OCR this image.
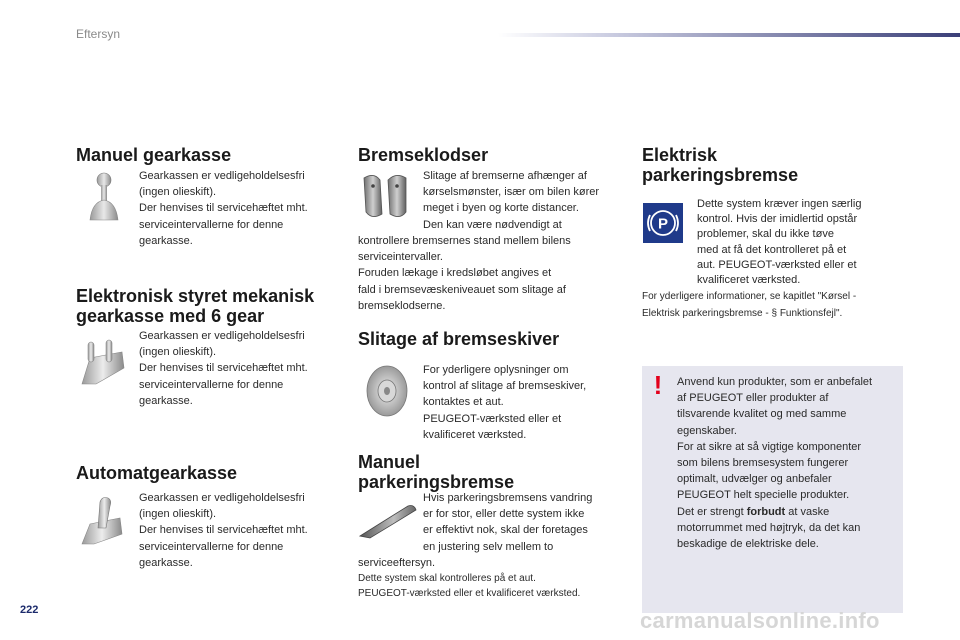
Eftersyn
Manuel gearkasse
Gearkassen er vedligeholdelsesfri
(ingen olieskift).
Der henvises til servicehæftet mht.
serviceintervallerne for denne
gearkasse.
Elektronisk styret mekanisk
gearkasse med 6 gear
Gearkassen er vedligeholdelsesfri
(ingen olieskift).
Der henvises til servicehæftet mht.
serviceintervallerne for denne
gearkasse.
Automatgearkasse
Gearkassen er vedligeholdelsesfri
(ingen olieskift).
Der henvises til servicehæftet mht.
serviceintervallerne for denne
gearkasse.
Bremseklodser
Slitage af bremserne afhænger af
kørselsmønster, især om bilen kører
meget i byen og korte distancer.
Den kan være nødvendigt at
kontrollere bremsernes stand mellem bilens
serviceintervaller.
Foruden lækage i kredsløbet angives et
fald i bremsevæskeniveauet som slitage af
bremseklodserne.
Slitage af bremseskiver
For yderligere oplysninger om
kontrol af slitage af bremseskiver,
kontaktes et aut.
PEUGEOT-værksted eller et
kvalificeret værksted.
Manuel
parkeringsbremse
Hvis parkeringsbremsens vandring
er for stor, eller dette system ikke
er effektivt nok, skal der foretages
en justering selv mellem to
serviceeftersyn.
Dette system skal kontrolleres på et aut.
PEUGEOT-værksted eller et kvalificeret værksted.
Elektrisk
parkeringsbremse
P
Dette system kræver ingen særlig
kontrol. Hvis der imidlertid opstår
problemer, skal du ikke tøve
med at få det kontrolleret på et
aut. PEUGEOT-værksted eller et
kvalificeret værksted.
For yderligere informationer, se kapitlet "Kørsel -
Elektrisk parkeringsbremse - § Funktionsfejl".
!	Anvend kun produkter, som er anbefalet
af PEUGEOT eller produkter af
tilsvarende kvalitet og med samme
egenskaber.
For at sikre at så vigtige komponenter
som bilens bremsesystem fungerer
optimalt, udvælger og anbefaler
PEUGEOT helt specielle produkter.
Det er strengt forbudt at vaske
motorrummet med højtryk, da det kan
beskadige de elektriske dele.
222	carmanualsonline.info
